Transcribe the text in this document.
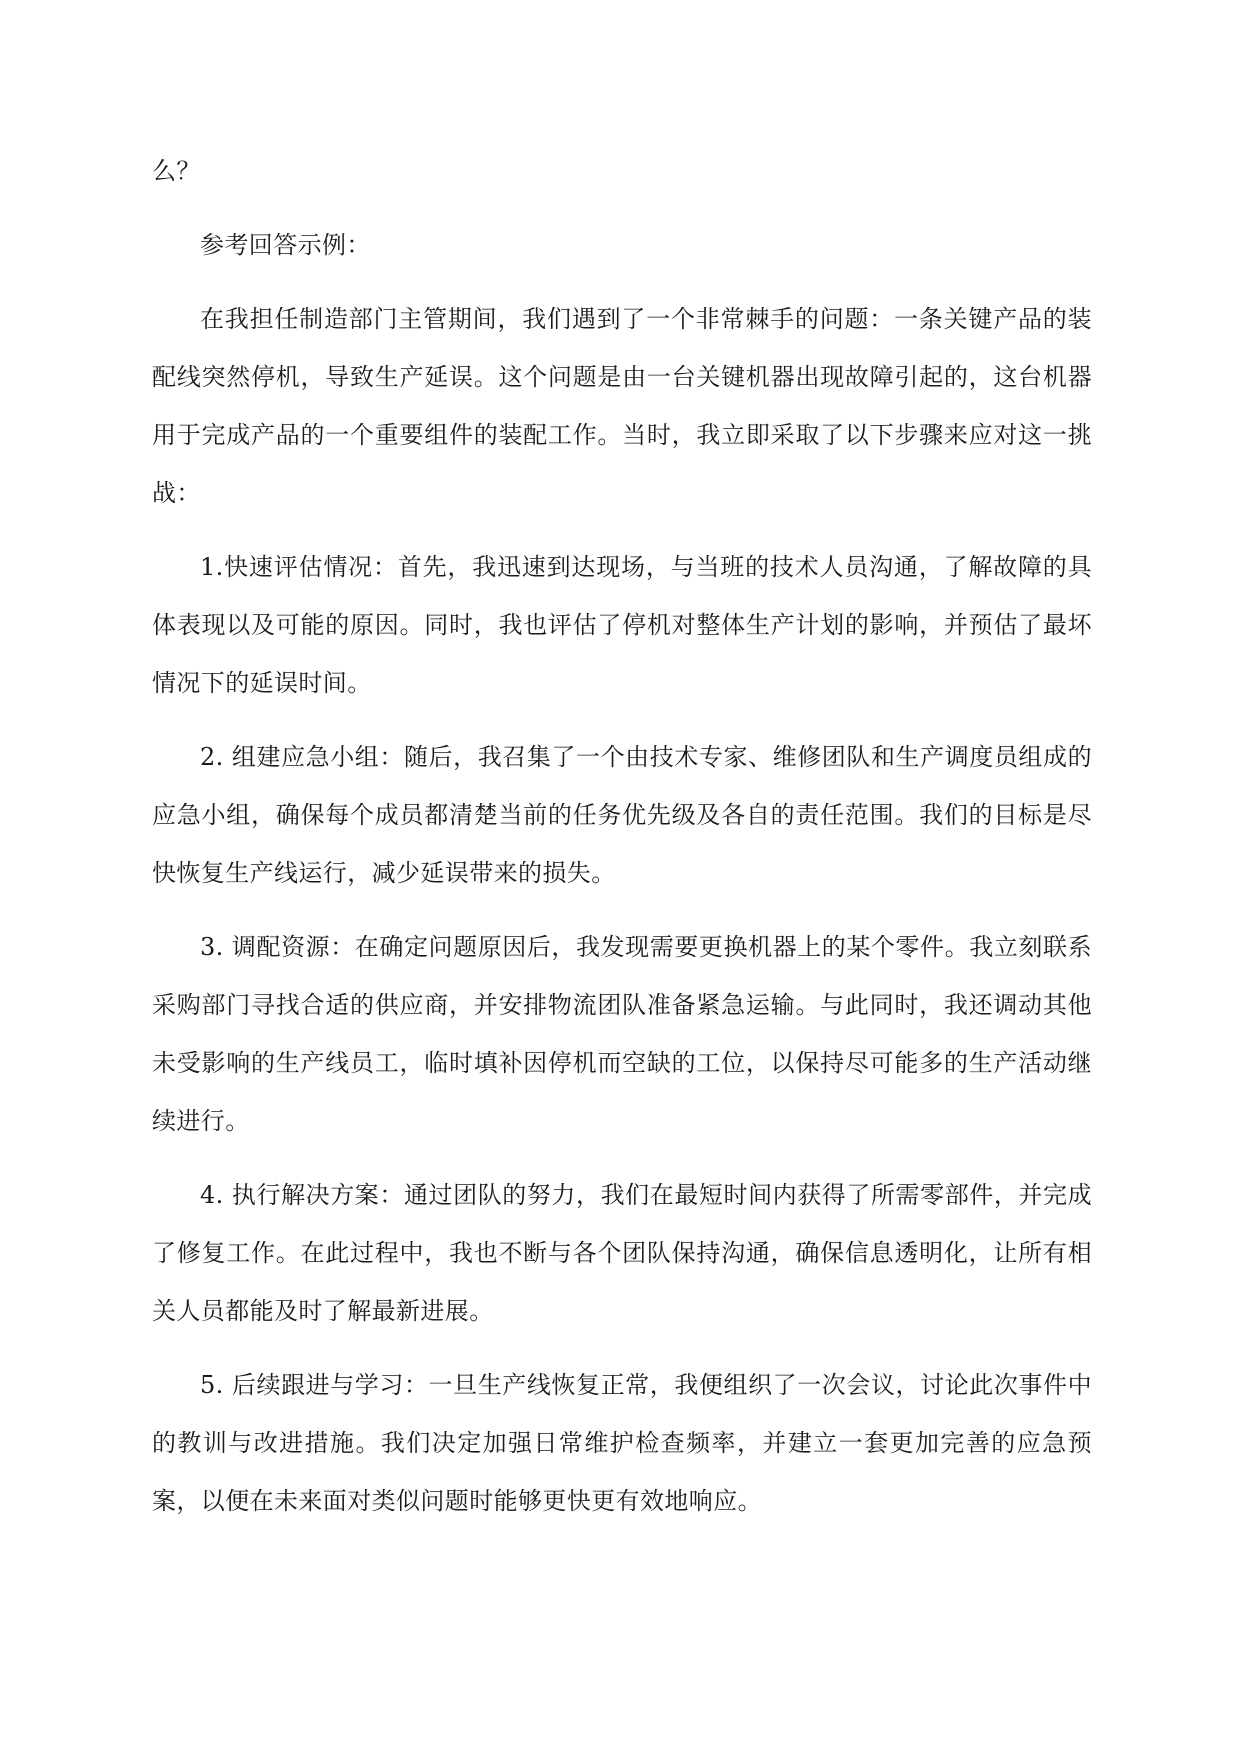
么？

参考回答示例：

在我担任制造部门主管期间，我们遇到了一个非常棘手的问题：一条关键产品的装配线突然停机，导致生产延误。这个问题是由一台关键机器出现故障引起的，这台机器用于完成产品的一个重要组件的装配工作。当时，我立即采取了以下步骤来应对这一挑战：

1.快速评估情况：首先，我迅速到达现场，与当班的技术人员沟通，了解故障的具体表现以及可能的原因。同时，我也评估了停机对整体生产计划的影响，并预估了最坏情况下的延误时间。

2. 组建应急小组：随后，我召集了一个由技术专家、维修团队和生产调度员组成的应急小组，确保每个成员都清楚当前的任务优先级及各自的责任范围。我们的目标是尽快恢复生产线运行，减少延误带来的损失。

3. 调配资源：在确定问题原因后，我发现需要更换机器上的某个零件。我立刻联系采购部门寻找合适的供应商，并安排物流团队准备紧急运输。与此同时，我还调动其他未受影响的生产线员工，临时填补因停机而空缺的工位，以保持尽可能多的生产活动继续进行。

4. 执行解决方案：通过团队的努力，我们在最短时间内获得了所需零部件，并完成了修复工作。在此过程中，我也不断与各个团队保持沟通，确保信息透明化，让所有相关人员都能及时了解最新进展。

5. 后续跟进与学习：一旦生产线恢复正常，我便组织了一次会议，讨论此次事件中的教训与改进措施。我们决定加强日常维护检查频率，并建立一套更加完善的应急预案，以便在未来面对类似问题时能够更快更有效地响应。
